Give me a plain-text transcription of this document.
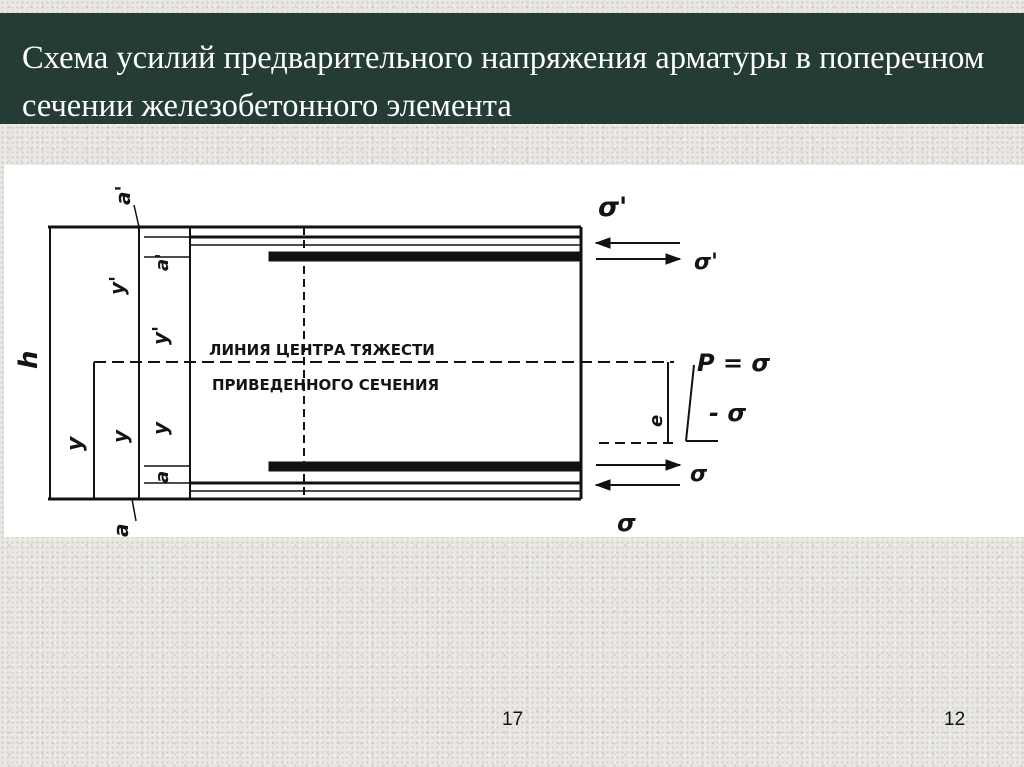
Схема усилий предварительного напряжения арматуры в поперечном сечении железобетонного элемента
ЛИНИЯ ЦЕНТРА ТЯЖЕСТИ
ПРИВЕДЕННОГО СЕЧЕНИЯ
h
y
y'
y
y'
y
a'
a
a'
a
e
σ'
σ'
σ
σ
P = σ
- σ
17	12
